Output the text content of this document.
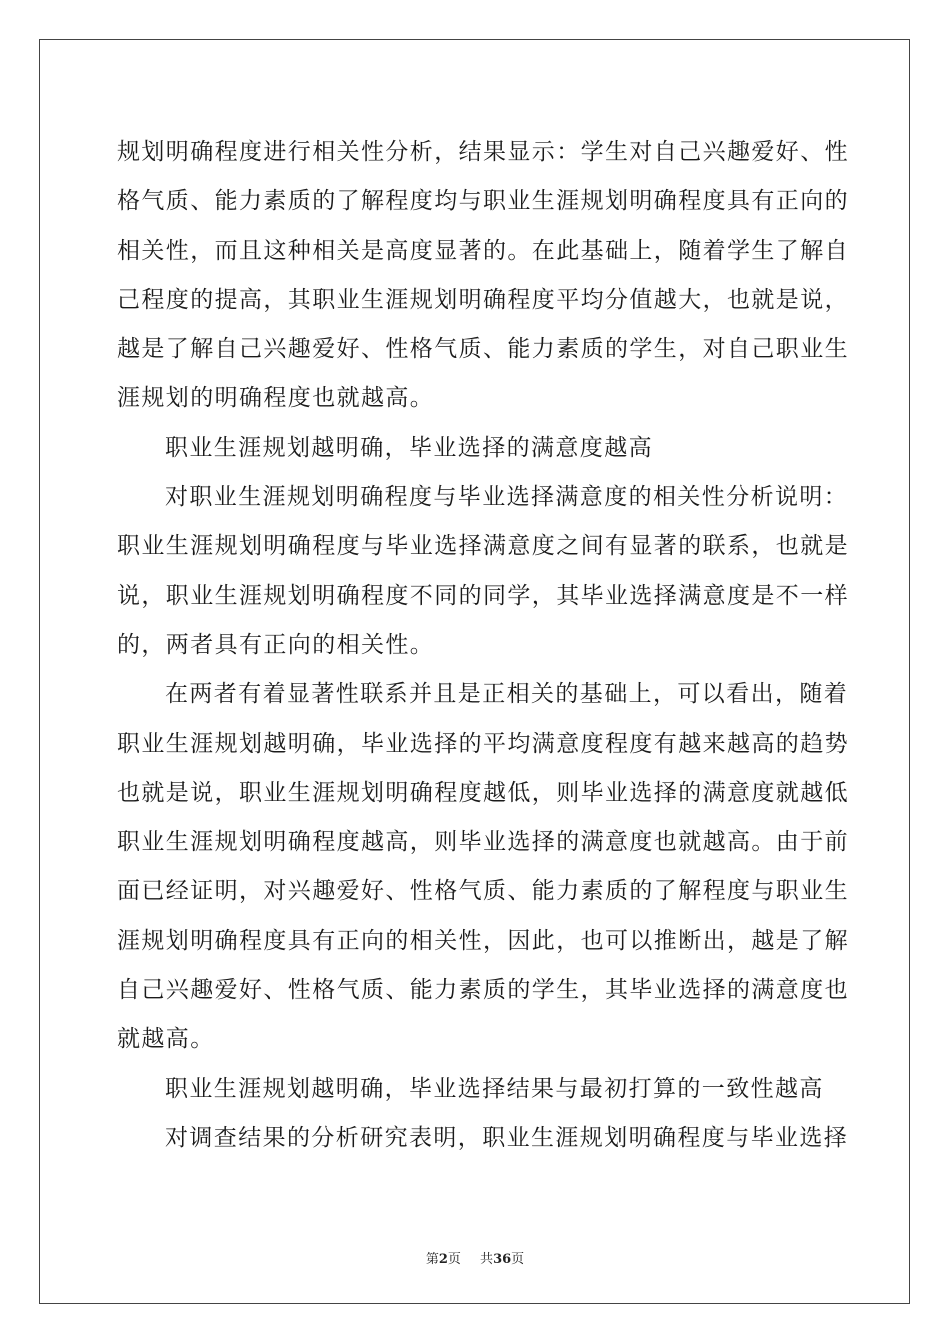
规划明确程度进行相关性分析，结果显示：学生对自己兴趣爱好、性
格气质、能力素质的了解程度均与职业生涯规划明确程度具有正向的
相关性，而且这种相关是高度显著的。在此基础上，随着学生了解自
己程度的提高，其职业生涯规划明确程度平均分值越大，也就是说，
越是了解自己兴趣爱好、性格气质、能力素质的学生，对自己职业生
涯规划的明确程度也就越高。
职业生涯规划越明确，毕业选择的满意度越高
对职业生涯规划明确程度与毕业选择满意度的相关性分析说明：
职业生涯规划明确程度与毕业选择满意度之间有显著的联系，也就是
说，职业生涯规划明确程度不同的同学，其毕业选择满意度是不一样
的，两者具有正向的相关性。
在两者有着显著性联系并且是正相关的基础上，可以看出，随着
职业生涯规划越明确，毕业选择的平均满意度程度有越来越高的趋势
也就是说，职业生涯规划明确程度越低，则毕业选择的满意度就越低
职业生涯规划明确程度越高，则毕业选择的满意度也就越高。由于前
面已经证明，对兴趣爱好、性格气质、能力素质的了解程度与职业生
涯规划明确程度具有正向的相关性，因此，也可以推断出，越是了解
自己兴趣爱好、性格气质、能力素质的学生，其毕业选择的满意度也
就越高。
职业生涯规划越明确，毕业选择结果与最初打算的一致性越高
对调查结果的分析研究表明，职业生涯规划明确程度与毕业选择
第2页 共36页
